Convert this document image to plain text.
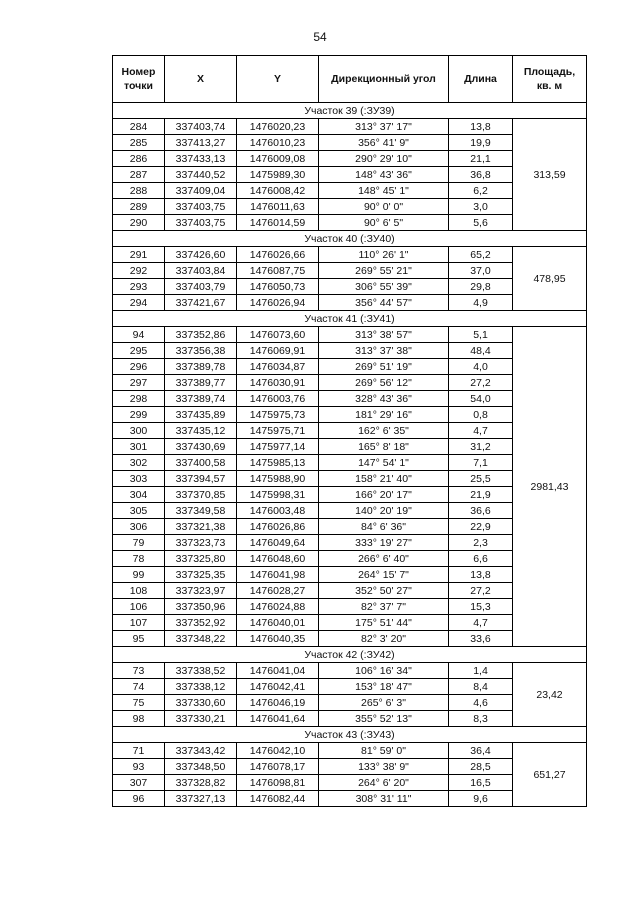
54
Номер точки	X	Y	Дирекционный угол	Длина	Площадь, кв. м
Участок 39 (:ЗУ39)					
284	337403,74	1476020,23	313° 37' 17"	13,8	313,59
285	337413,27	1476010,23	356° 41' 9"	19,9	
286	337433,13	1476009,08	290° 29' 10"	21,1	
287	337440,52	1475989,30	148° 43' 36"	36,8	
288	337409,04	1476008,42	148° 45' 1"	6,2	
289	337403,75	1476011,63	90° 0' 0"	3,0	
290	337403,75	1476014,59	90° 6' 5"	5,6	
Участок 40 (:ЗУ40)					
291	337426,60	1476026,66	110° 26' 1"	65,2	478,95
292	337403,84	1476087,75	269° 55' 21"	37,0	
293	337403,79	1476050,73	306° 55' 39"	29,8	
294	337421,67	1476026,94	356° 44' 57"	4,9	
Участок 41 (:ЗУ41)					
94	337352,86	1476073,60	313° 38' 57"	5,1	2981,43
295	337356,38	1476069,91	313° 37' 38"	48,4	
296	337389,78	1476034,87	269° 51' 19"	4,0	
297	337389,77	1476030,91	269° 56' 12"	27,2	
298	337389,74	1476003,76	328° 43' 36"	54,0	
299	337435,89	1475975,73	181° 29' 16"	0,8	
300	337435,12	1475975,71	162° 6' 35"	4,7	
301	337430,69	1475977,14	165° 8' 18"	31,2	
302	337400,58	1475985,13	147° 54' 1"	7,1	
303	337394,57	1475988,90	158° 21' 40"	25,5	
304	337370,85	1475998,31	166° 20' 17"	21,9	
305	337349,58	1476003,48	140° 20' 19"	36,6	
306	337321,38	1476026,86	84° 6' 36"	22,9	
79	337323,73	1476049,64	333° 19' 27"	2,3	
78	337325,80	1476048,60	266° 6' 40"	6,6	
99	337325,35	1476041,98	264° 15' 7"	13,8	
108	337323,97	1476028,27	352° 50' 27"	27,2	
106	337350,96	1476024,88	82° 37' 7"	15,3	
107	337352,92	1476040,01	175° 51' 44"	4,7	
95	337348,22	1476040,35	82° 3' 20"	33,6	
Участок 42 (:ЗУ42)					
73	337338,52	1476041,04	106° 16' 34"	1,4	23,42
74	337338,12	1476042,41	153° 18' 47"	8,4	
75	337330,60	1476046,19	265° 6' 3"	4,6	
98	337330,21	1476041,64	355° 52' 13"	8,3	
Участок 43 (:ЗУ43)					
71	337343,42	1476042,10	81° 59' 0"	36,4	651,27
93	337348,50	1476078,17	133° 38' 9"	28,5	
307	337328,82	1476098,81	264° 6' 20"	16,5	
96	337327,13	1476082,44	308° 31' 11"	9,6	
